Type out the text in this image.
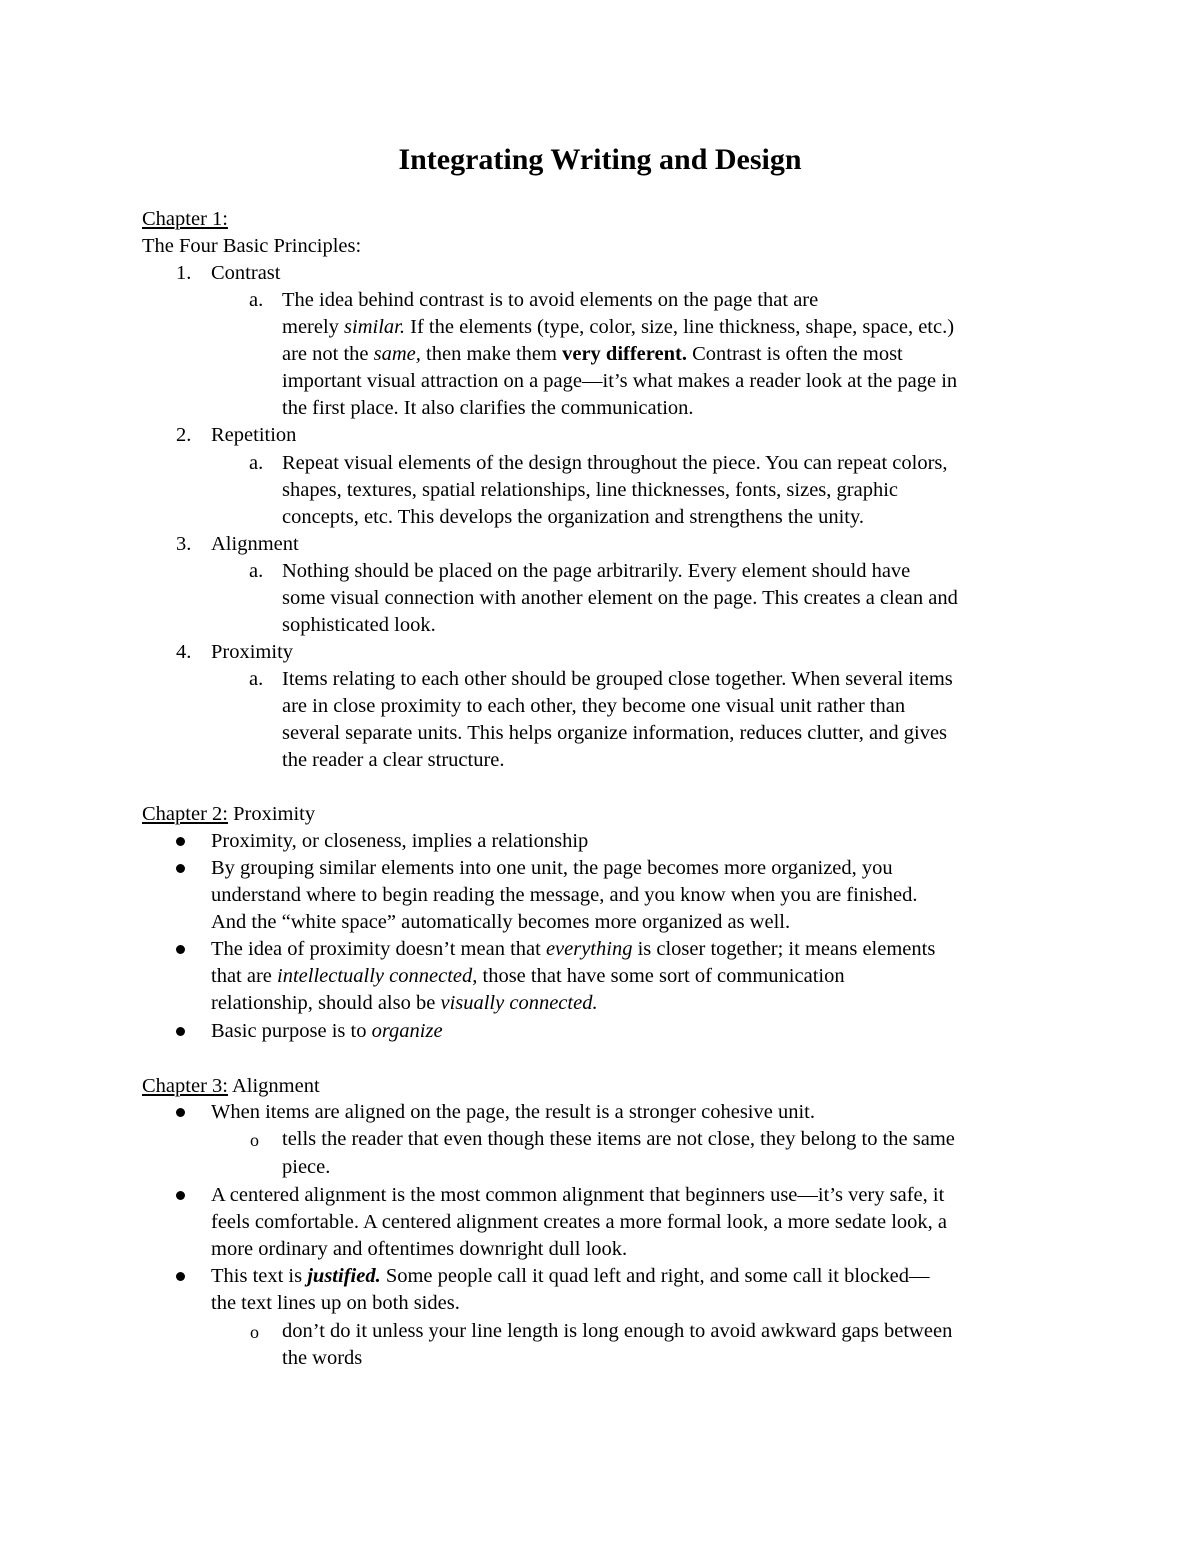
Integrating Writing and Design
Chapter 1:
The Four Basic Principles:
1. Contrast
a. The idea behind contrast is to avoid elements on the page that are
merely similar. If the elements (type, color, size, line thickness, shape, space, etc.)
are not the same, then make them very different. Contrast is often the most
important visual attraction on a page—it’s what makes a reader look at the page in
the first place. It also clarifies the communication.
2. Repetition
a. Repeat visual elements of the design throughout the piece. You can repeat colors,
shapes, textures, spatial relationships, line thicknesses, fonts, sizes, graphic
concepts, etc. This develops the organization and strengthens the unity.
3. Alignment
a. Nothing should be placed on the page arbitrarily. Every element should have
some visual connection with another element on the page. This creates a clean and
sophisticated look.
4. Proximity
a. Items relating to each other should be grouped close together. When several items
are in close proximity to each other, they become one visual unit rather than
several separate units. This helps organize information, reduces clutter, and gives
the reader a clear structure.
Chapter 2: Proximity
Proximity, or closeness, implies a relationship
By grouping similar elements into one unit, the page becomes more organized, you
understand where to begin reading the message, and you know when you are finished.
And the “white space” automatically becomes more organized as well.
The idea of proximity doesn’t mean that everything is closer together; it means elements
that are intellectually connected, those that have some sort of communication
relationship, should also be visually connected.
Basic purpose is to organize
Chapter 3: Alignment
When items are aligned on the page, the result is a stronger cohesive unit.
o tells the reader that even though these items are not close, they belong to the same
piece.
A centered alignment is the most common alignment that beginners use—it’s very safe, it
feels comfortable. A centered alignment creates a more formal look, a more sedate look, a
more ordinary and oftentimes downright dull look.
This text is justified. Some people call it quad left and right, and some call it blocked—
the text lines up on both sides.
o don’t do it unless your line length is long enough to avoid awkward gaps between
the words
